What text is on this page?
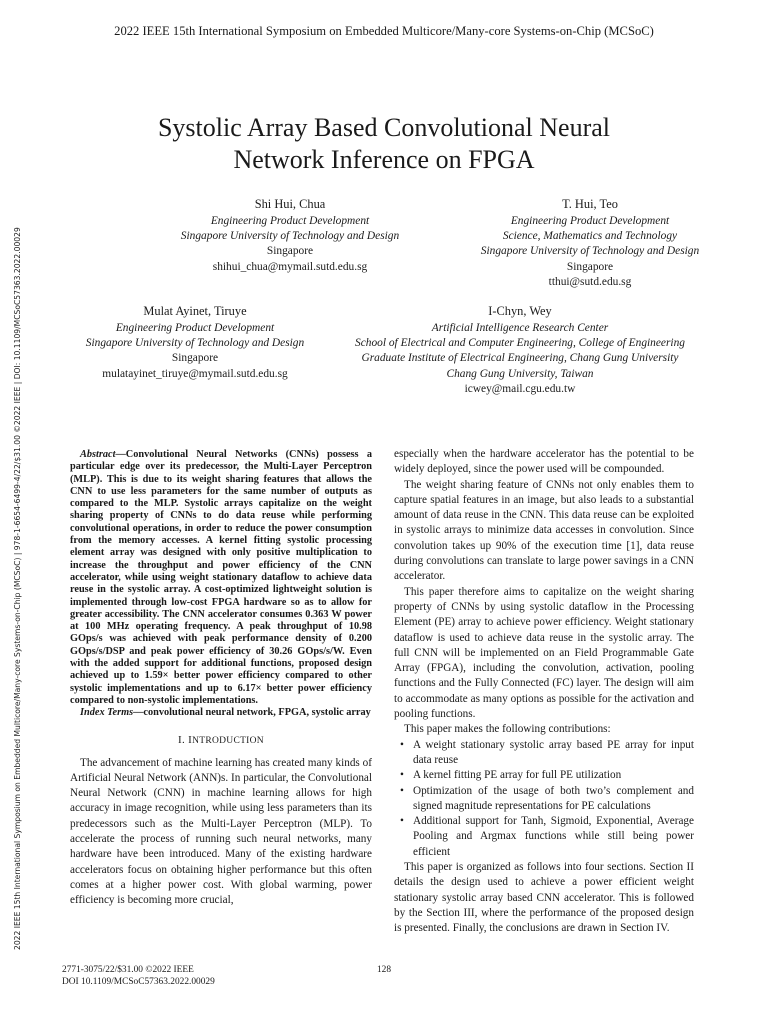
2022 IEEE 15th International Symposium on Embedded Multicore/Many-core Systems-on-Chip (MCSoC)
2022 IEEE 15th International Symposium on Embedded Multicore/Many-core Systems-on-Chip (MCSoC) | 978-1-6654-6499-4/22/$31.00 ©2022 IEEE | DOI: 10.1109/MCSoC57363.2022.00029
Systolic Array Based Convolutional Neural
Network Inference on FPGA
Shi Hui, Chua
Engineering Product Development
Singapore University of Technology and Design
Singapore
shihui_chua@mymail.sutd.edu.sg
T. Hui, Teo
Engineering Product Development
Science, Mathematics and Technology
Singapore University of Technology and Design
Singapore
tthui@sutd.edu.sg
Mulat Ayinet, Tiruye
Engineering Product Development
Singapore University of Technology and Design
Singapore
mulatayinet_tiruye@mymail.sutd.edu.sg
I-Chyn, Wey
Artificial Intelligence Research Center
School of Electrical and Computer Engineering, College of Engineering
Graduate Institute of Electrical Engineering, Chang Gung University
Chang Gung University, Taiwan
icwey@mail.cgu.edu.tw

Abstract—Convolutional Neural Networks (CNNs) possess a particular edge over its predecessor, the Multi-Layer Perceptron (MLP). This is due to its weight sharing features that allows the CNN to use less parameters for the same number of outputs as compared to the MLP. Systolic arrays capitalize on the weight sharing property of CNNs to do data reuse while performing convolutional operations, in order to reduce the power consumption from the memory accesses. A kernel fitting systolic processing element array was designed with only positive multiplication to increase the throughput and power efficiency of the CNN accelerator, while using weight stationary dataflow to achieve data reuse in the systolic array. A cost-optimized lightweight solution is implemented through low-cost FPGA hardware so as to allow for greater accessibility. The CNN accelerator consumes 0.363 W power at 100 MHz operating frequency. A peak throughput of 10.98 GOps/s was achieved with peak performance density of 0.200 GOps/s/DSP and peak power efficiency of 30.26 GOps/s/W. Even with the added support for additional functions, proposed design achieved up to 1.59× better power efficiency compared to other systolic implementations and up to 6.17× better power efficiency compared to non-systolic implementations.

Index Terms—convolutional neural network, FPGA, systolic array

I. INTRODUCTION

The advancement of machine learning has created many kinds of Artificial Neural Network (ANN)s. In particular, the Convolutional Neural Network (CNN) in machine learning allows for high accuracy in image recognition, while using less parameters than its predecessors such as the Multi-Layer Perceptron (MLP). To accelerate the process of running such neural networks, many hardware have been introduced. Many of the existing hardware accelerators focus on obtaining higher performance but this often comes at a higher power cost. With global warming, power efficiency is becoming more crucial,

especially when the hardware accelerator has the potential to be widely deployed, since the power used will be compounded.

The weight sharing feature of CNNs not only enables them to capture spatial features in an image, but also leads to a substantial amount of data reuse in the CNN. This data reuse can be exploited in systolic arrays to minimize data accesses in convolution. Since convolution takes up 90% of the execution time [1], data reuse during convolutions can translate to large power savings in a CNN accelerator.

This paper therefore aims to capitalize on the weight sharing property of CNNs by using systolic dataflow in the Processing Element (PE) array to achieve power efficiency. Weight stationary dataflow is used to achieve data reuse in the systolic array. The full CNN will be implemented on an Field Programmable Gate Array (FPGA), including the convolution, activation, pooling functions and the Fully Connected (FC) layer. The design will aim to accommodate as many options as possible for the activation and pooling functions.

This paper makes the following contributions:

• A weight stationary systolic array based PE array for input data reuse
• A kernel fitting PE array for full PE utilization
• Optimization of the usage of both two’s complement and signed magnitude representations for PE calculations
• Additional support for Tanh, Sigmoid, Exponential, Average Pooling and Argmax functions while still being power efficient

This paper is organized as follows into four sections. Section II details the design used to achieve a power efficient weight stationary systolic array based CNN accelerator. This is followed by the Section III, where the performance of the proposed design is presented. Finally, the conclusions are drawn in Section IV.

2771-3075/22/$31.00 ©2022 IEEE
DOI 10.1109/MCSoC57363.2022.00029
128
